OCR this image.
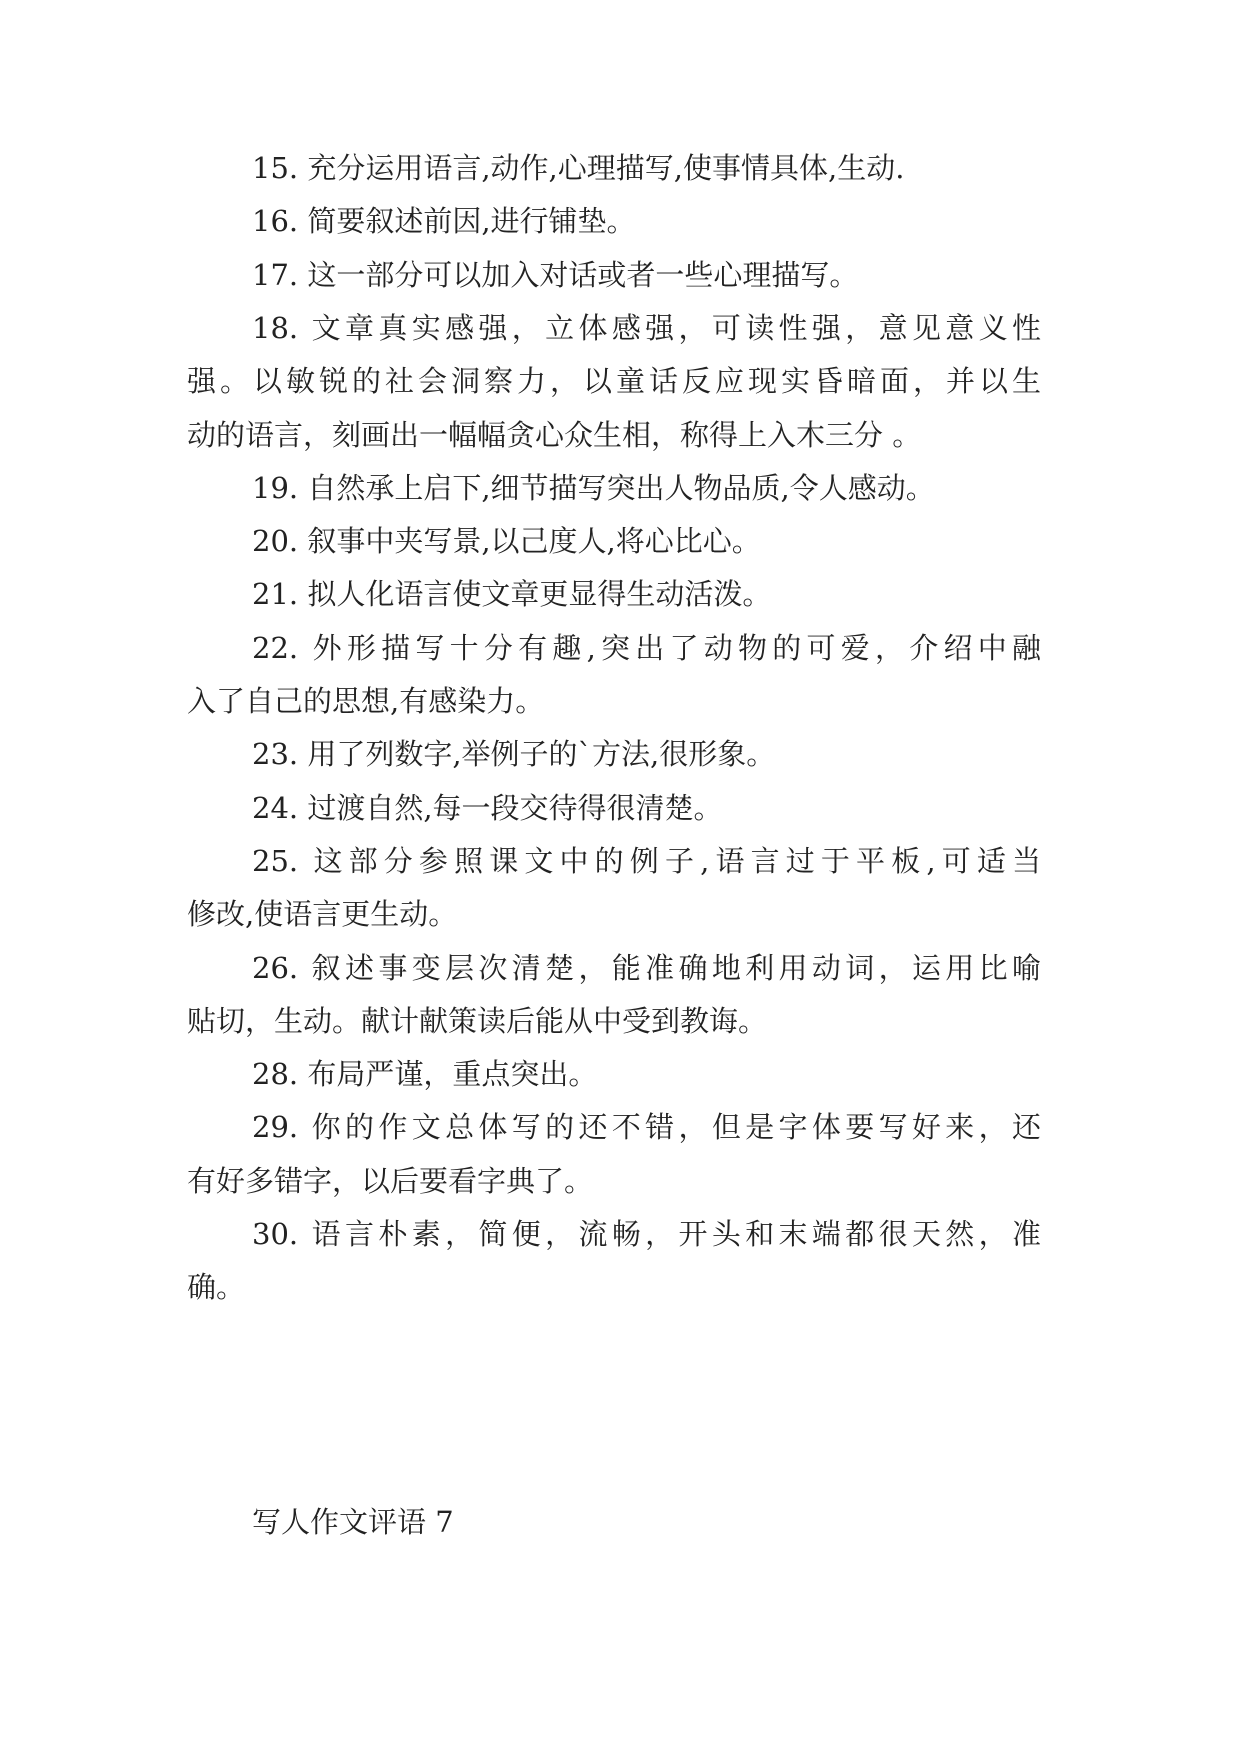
15. 充分运用语言,动作,心理描写,使事情具体,生动.
16. 简要叙述前因,进行铺垫。
17. 这一部分可以加入对话或者一些心理描写。
18. 文章真实感强，立体感强，可读性强，意见意义性
强。以敏锐的社会洞察力，以童话反应现实昏暗面，并以生
动的语言，刻画出一幅幅贪心众生相，称得上入木三分 。
19. 自然承上启下,细节描写突出人物品质,令人感动。
20. 叙事中夹写景,以己度人,将心比心。
21. 拟人化语言使文章更显得生动活泼。
22. 外形描写十分有趣,突出了动物的可爱，介绍中融
入了自己的思想,有感染力。
23. 用了列数字,举例子的`方法,很形象。
24. 过渡自然,每一段交待得很清楚。
25. 这部分参照课文中的例子,语言过于平板,可适当
修改,使语言更生动。
26. 叙述事变层次清楚，能准确地利用动词，运用比喻
贴切，生动。献计献策读后能从中受到教诲。
28. 布局严谨，重点突出。
29. 你的作文总体写的还不错，但是字体要写好来，还
有好多错字，以后要看字典了。
30. 语言朴素，简便，流畅，开头和末端都很天然，准
确。
写人作文评语 7
